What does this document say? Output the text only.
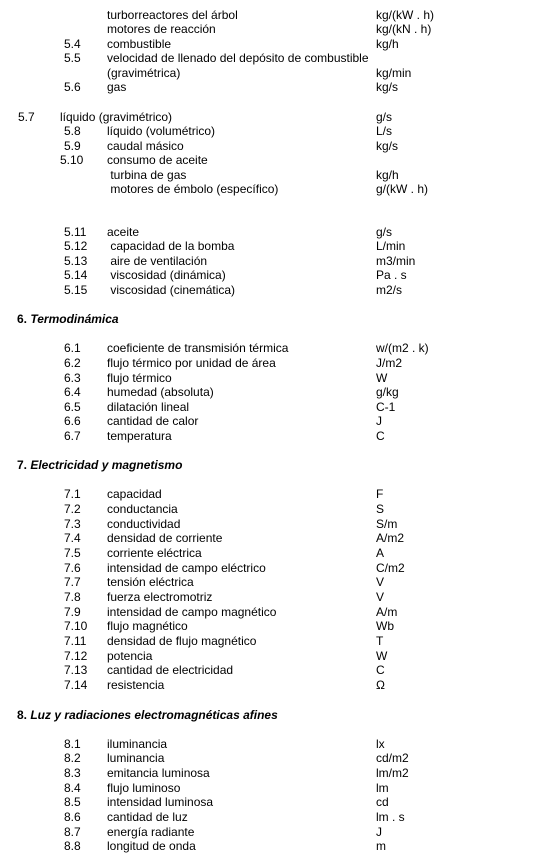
6. Termodinámica
7. Electricidad y magnetismo
8. Luz y radiaciones electromagnéticas afines
turborreactores del árbol	kg/(kW . h)
motores de reacción	kg/(kN . h)
5.4 combustible	kg/h
5.5 velocidad de llenado del depósito de combustible
(gravimétrica)	kg/min
5.6 gas	kg/s
5.7 líquido (gravimétrico)	g/s
5.8 líquido (volumétrico)	L/s
5.9 caudal másico	kg/s
5.10 consumo de aceite
turbina de gas	kg/h
motores de émbolo (específico)	g/(kW . h)
5.11 aceite	g/s
5.12 capacidad de la bomba	L/min
5.13 aire de ventilación	m3/min
5.14 viscosidad (dinámica)	Pa . s
5.15 viscosidad (cinemática)	m2/s
6.1 coeficiente de transmisión térmica	w/(m2 . k)
6.2 flujo térmico por unidad de área	J/m2
6.3 flujo térmico	W
6.4 humedad (absoluta)	g/kg
6.5 dilatación lineal	C-1
6.6 cantidad de calor	J
6.7 temperatura	C
7.1 capacidad	F
7.2 conductancia	S
7.3 conductividad	S/m
7.4 densidad de corriente	A/m2
7.5 corriente eléctrica	A
7.6 intensidad de campo eléctrico	C/m2
7.7 tensión eléctrica	V
7.8 fuerza electromotriz	V
7.9 intensidad de campo magnético	A/m
7.10 flujo magnético	Wb
7.11 densidad de flujo magnético	T
7.12 potencia	W
7.13 cantidad de electricidad	C
7.14 resistencia	Ω
8.1 iluminancia	lx
8.2 luminancia	cd/m2
8.3 emitancia luminosa	lm/m2
8.4 flujo luminoso	lm
8.5 intensidad luminosa	cd
8.6 cantidad de luz	lm . s
8.7 energía radiante	J
8.8 longitud de onda	m
